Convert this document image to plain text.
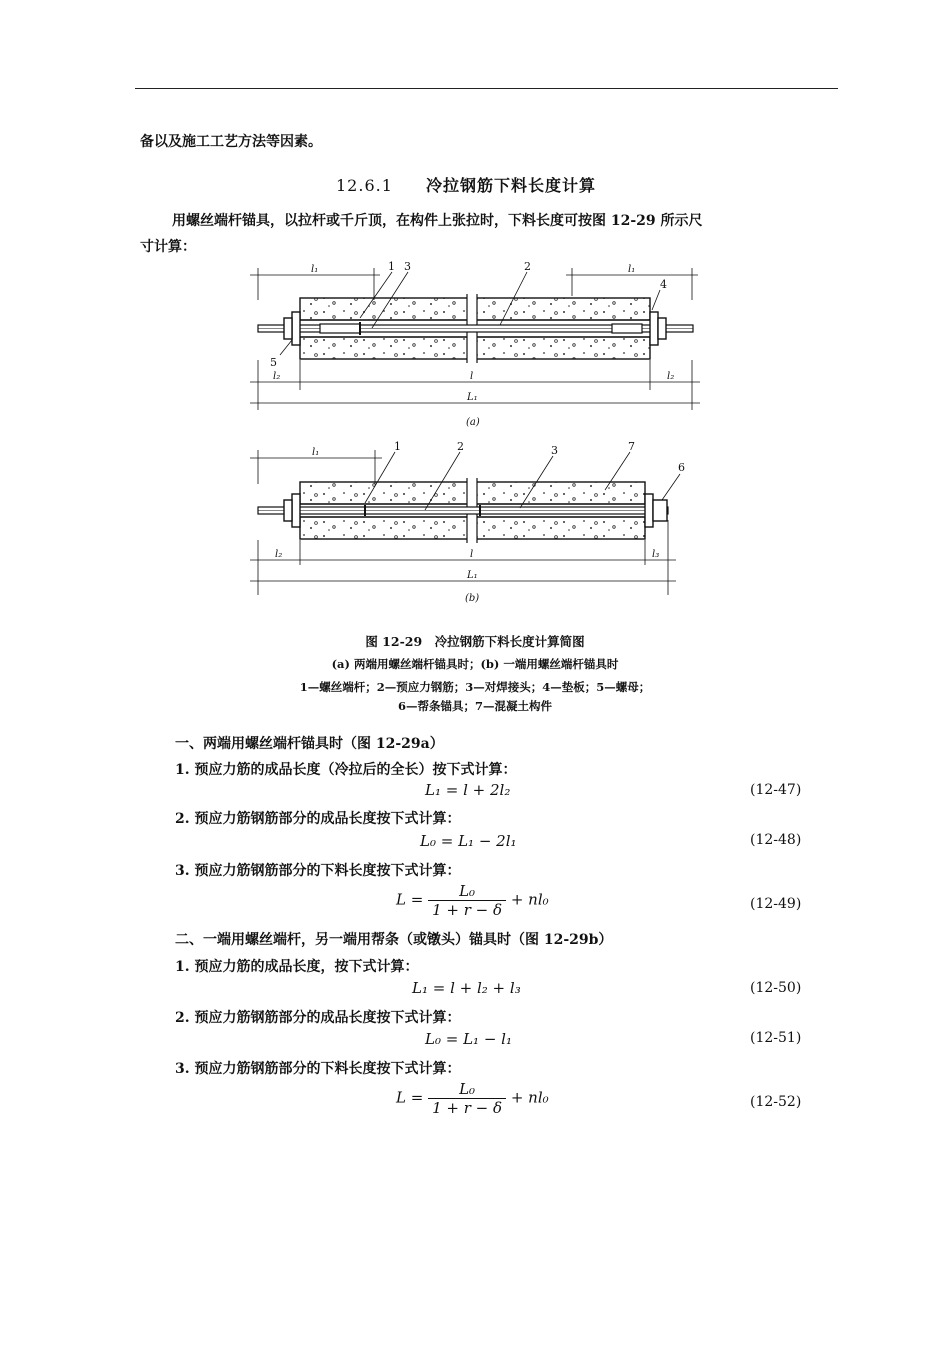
备以及施工工艺方法等因素。
12.6.1 冷拉钢筋下料长度计算
用螺丝端杆锚具，以拉杆或千斤顶，在构件上张拉时，下料长度可按图 12-29 所示尺
寸计算：
l₁	l₁
l₂	l₂
l
L₁
1 3	2
4
5
(a)
l₁
l₂	l₃
l
L₁
1	2	3	7
6
(b)
图 12-29　冷拉钢筋下料长度计算简图
(a) 两端用螺丝端杆锚具时；(b) 一端用螺丝端杆锚具时
1—螺丝端杆；2—预应力钢筋；3—对焊接头；4—垫板；5—螺母；
6—帮条锚具；7—混凝土构件
一、两端用螺丝端杆锚具时（图 12-29a）
1. 预应力筋的成品长度（冷拉后的全长）按下式计算：
L₁ = l + 2l₂	(12-47)
2. 预应力筋钢筋部分的成品长度按下式计算：
L₀ = L₁ − 2l₁	(12-48)
3. 预应力筋钢筋部分的下料长度按下式计算：
$L = \frac{\text{L₀}}{1 + r - \delta} + nl_0$	(12-49)
二、一端用螺丝端杆，另一端用帮条（或镦头）锚具时（图 12-29b）
1. 预应力筋的成品长度，按下式计算：
L₁ = l + l₂ + l₃	(12-50)
2. 预应力筋钢筋部分的成品长度按下式计算：
L₀ = L₁ − l₁	(12-51)
3. 预应力筋钢筋部分的下料长度按下式计算：
$L = \frac{\text{L₀}}{1 + r - \delta} + nl_0$	(12-52)
